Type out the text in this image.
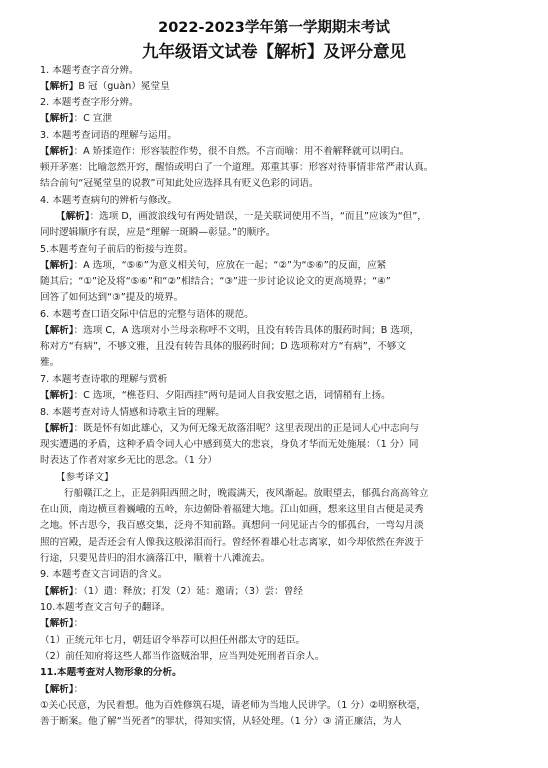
2022-2023学年第一学期期末考试
九年级语文试卷【解析】及评分意见
1. 本题考查字音分辨。
【解析】B 冠（guàn）冕堂皇
2. 本题考查字形分辨。
【解析】：C 宣泄
3. 本题考查词语的理解与运用。
【解析】：A 矫揉造作：形容装腔作势，很不自然。不言而喻：用不着解释就可以明白。
顿开茅塞：比喻忽然开窍，醒悟或明白了一个道理。郑重其事：形容对待事情非常严肃认真。
结合前句“冠冕堂皇的说教”可知此处应选择具有贬义色彩的词语。
4. 本题考查病句的辨析与修改。
【解析】：选项 D，画波浪线句有两处错误，一是关联词使用不当，“而且”应该为“但”，
同时逻辑顺序有误，应是“理解一斑瞬—彰显。”的顺序。
5.本题考查句子前后的衔接与连贯。
【解析】：A 选项，“⑤⑥”为意义相关句，应放在一起；“②”为“⑤⑥”的反面，应紧
随其后；“①”论及将“⑤⑥”和“②”相结合；“③”进一步讨论议论文的更高境界；“④”
回答了如何达到“③”提及的境界。
6. 本题考查口语交际中信息的完整与语体的规范。
【解析】：选项 C，A 选项对小兰母亲称呼不文明，且没有转告具体的服药时间；B 选项，
称对方“有病”，不够文雅，且没有转告具体的服药时间；D 选项称对方“有病”，不够文
雅。
7. 本题考查诗歌的理解与赏析
【解析】：C 选项，“樵苍归、夕阳西挂”两句是词人自我安慰之语，词情稍有上扬。
8. 本题考查对诗人情感和诗歌主旨的理解。
【解析】：既是怀有如此雄心，又为何无缘无故落泪呢？这里表现出的正是词人心中志向与
现实遭遇的矛盾，这种矛盾令词人心中感到莫大的悲哀，身负才华而无处施展：（1 分）同
时表达了作者对家乡无比的思念。（1 分）
【参考译文】
行船赣江之上，正是斜阳西照之时，晚霞满天，夜风渐起。放眼望去，郁孤台高高耸立
在山顶，南边横亘着巍峨的五岭，东边俯卧着福建大地。江山如画，想来这里自古便是灵秀
之地。怀古思今，我百感交集，泛舟不知前路。真想问一问见证古今的郁孤台，一弯勾月淡
照的宫殿，是否还会有人像我这般涕泪而行。曾经怀着雄心壮志离家，如今却依然在奔波于
行途，只要见昔归的泪水滴落江中，顺着十八滩流去。
9. 本题考查文言词语的含义。
【解析】：（1）遣：释放；打发（2）延：邀请；（3）尝：曾经
10.本题考查文言句子的翻译。
【解析】：
（1）正统元年七月，朝廷诏令举荐可以担任州郡太守的廷臣。
（2）前任知府将这些人都当作盗贼治罪，应当判处死刑者百余人。
11.本题考查对人物形象的分析。
【解析】：
①关心民意，为民着想。他为百姓修筑石堤，请老师为当地人民讲学。（1 分）②明察秋毫，
善于断案。他了解“当死者”的罪状，得知实情，从轻处理。（1 分）③ 清正廉洁，为人
